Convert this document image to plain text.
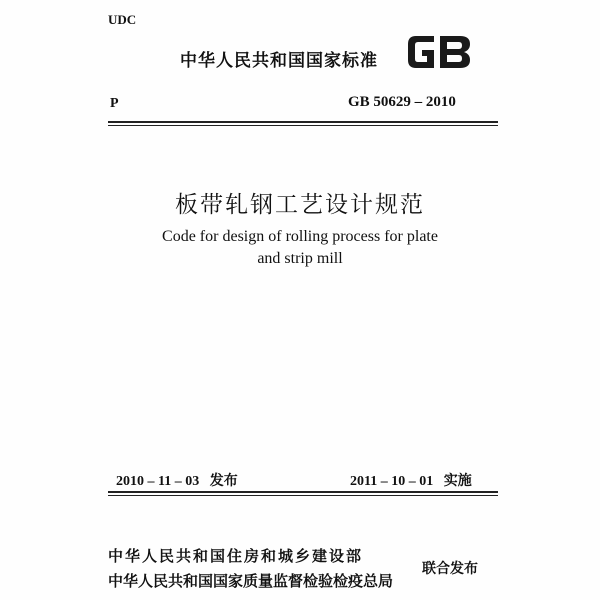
UDC
中华人民共和国国家标准
GB
P	GB 50629 – 2010
板带轧钢工艺设计规范
Code for design of rolling process for plate
and strip mill
2010 – 11 – 03 发布	2011 – 10 – 01 实施
中华人民共和国住房和城乡建设部
中华人民共和国国家质量监督检验检疫总局
联合发布
